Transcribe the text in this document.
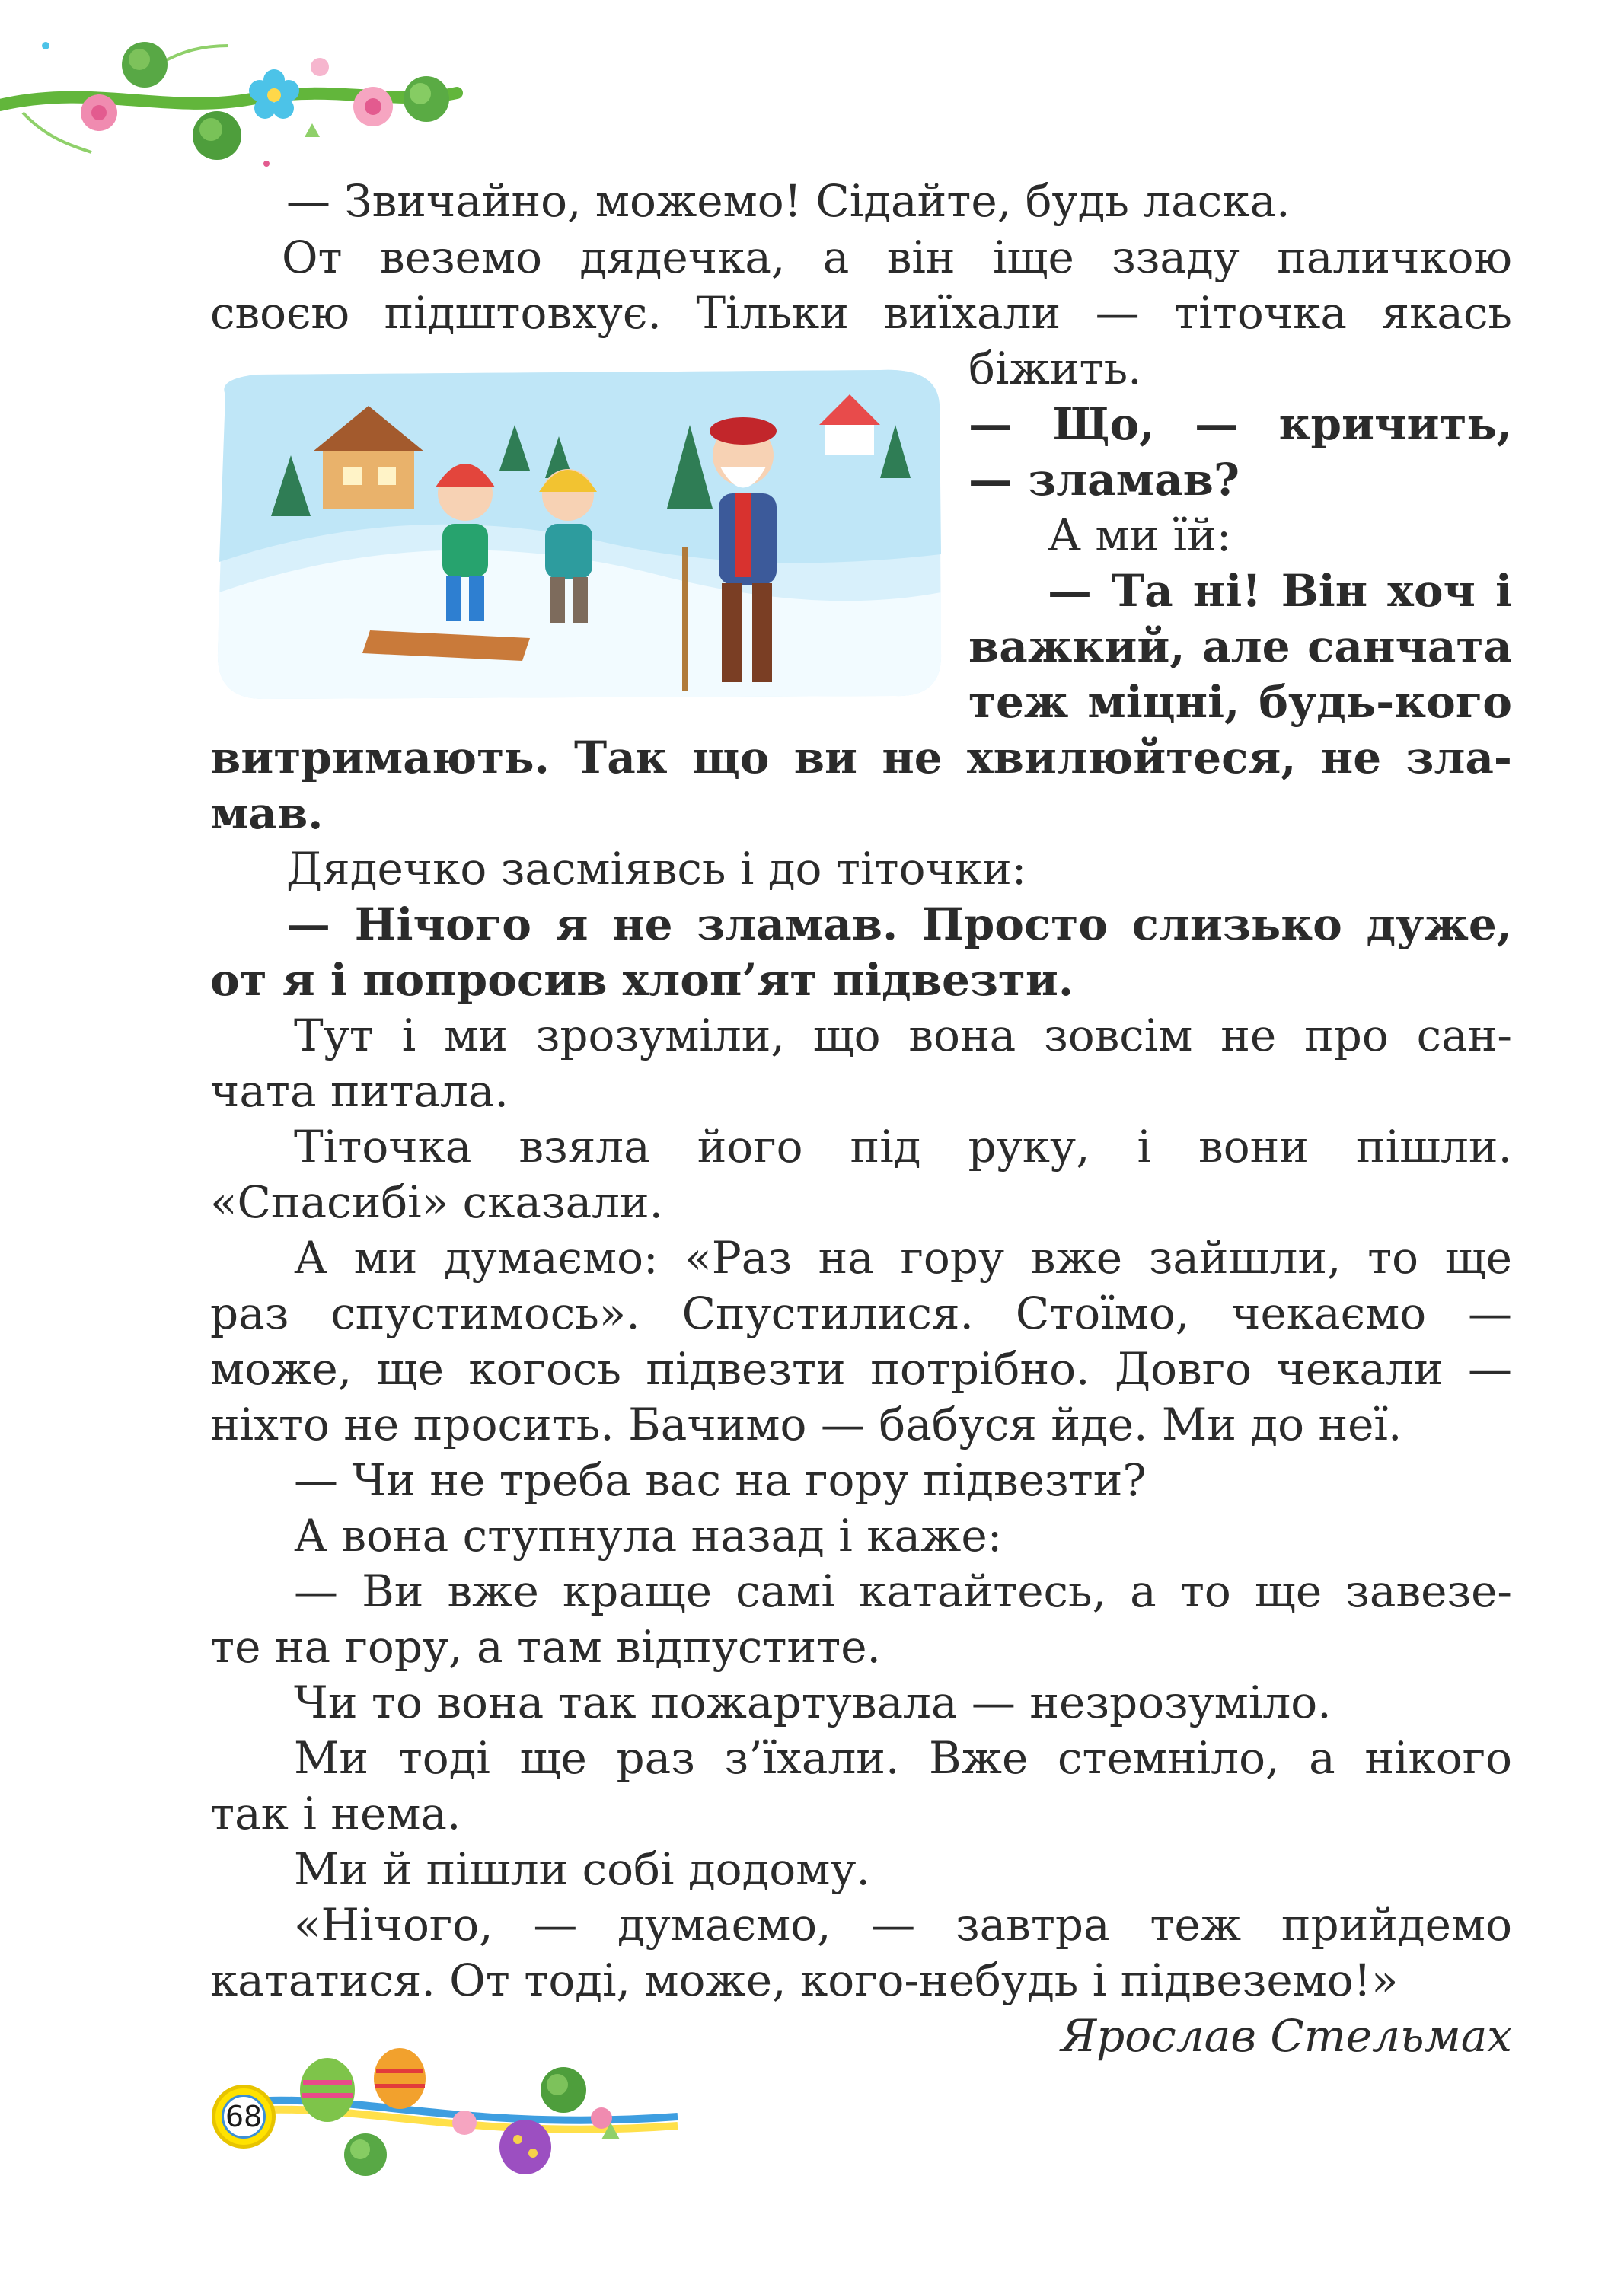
— Звичайно, можемо! Сідайте, будь ласка.
От веземо дядечка, а він іще ззаду паличкою
своєю підштовхує. Тільки виїхали — тіточка якась
біжить.
— Що, — кричить,
— зламав?
А ми їй:
— Та ні! Він хоч і
важкий, але санчата
теж міцні, будь-кого
витримають. Так що ви не хвилюйтеся, не зла-
мав.
Дядечко засміявсь і до тіточки:
— Нічого я не зламав. Просто слизько дуже,
от я і попросив хлоп’ят підвезти.
Тут і ми зрозуміли, що вона зовсім не про сан-
чата питала.
Тіточка взяла його під руку, і вони пішли.
«Спасибі» сказали.
А ми думаємо: «Раз на гору вже зайшли, то ще
раз спустимось». Спустилися. Стоїмо, чекаємо —
може, ще когось підвезти потрібно. Довго чекали —
ніхто не просить. Бачимо — бабуся йде. Ми до неї.
— Чи не треба вас на гору підвезти?
А вона ступнула назад і каже:
— Ви вже краще самі катайтесь, а то ще завезе-
те на гору, а там відпустите.
Чи то вона так пожартувала — незрозуміло.
Ми тоді ще раз з’їхали. Вже стемніло, а нікого
так і нема.
Ми й пішли собі додому.
«Нічого, — думаємо, — завтра теж прийдемо
кататися. От тоді, може, кого-небудь і підвеземо!»
Ярослав Стельмах
68
